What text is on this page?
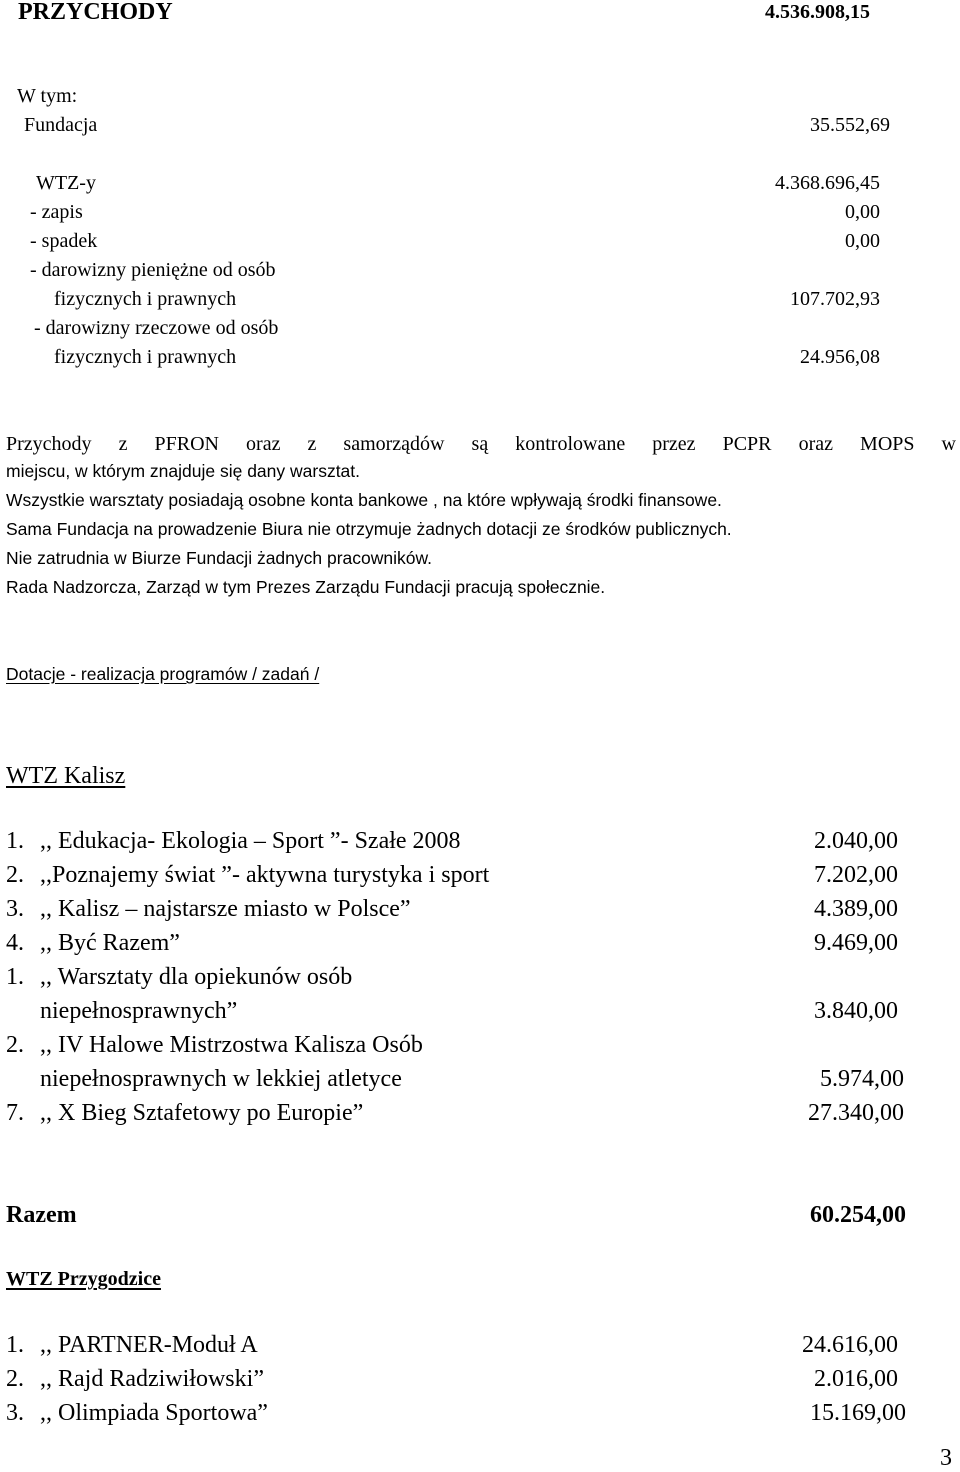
PRZYCHODY	4.536.908,15
W tym:
Fundacja	35.552,69
WTZ-y	4.368.696,45
- zapis	0,00
- spadek	0,00
- darowizny pieniężne od osób
fizycznych i prawnych	107.702,93
- darowizny rzeczowe od osób
fizycznych i prawnych	24.956,08
Przychody z PFRON oraz z samorządów są kontrolowane przez PCPR oraz MOPS w
miejscu, w którym znajduje się dany warsztat.
Wszystkie warsztaty posiadają osobne konta bankowe , na które wpływają środki finansowe.
Sama Fundacja na prowadzenie Biura nie otrzymuje żadnych dotacji ze środków publicznych.
Nie zatrudnia w Biurze Fundacji żadnych pracowników.
Rada Nadzorcza, Zarząd w tym Prezes Zarządu Fundacji pracują społecznie.
Dotacje - realizacja programów / zadań /
WTZ Kalisz
1. ,, Edukacja- Ekologia – Sport ”- Szałe 2008	2.040,00
2. ,,Poznajemy świat ”- aktywna turystyka i sport	7.202,00
3. ,, Kalisz – najstarsze miasto w Polsce”	4.389,00
4. ,, Być Razem”	9.469,00
1. ,, Warsztaty dla opiekunów osób
niepełnosprawnych”	3.840,00
2. ,, IV Halowe Mistrzostwa Kalisza Osób
niepełnosprawnych w lekkiej atletyce	5.974,00
7. ,, X Bieg Sztafetowy po Europie”	27.340,00
Razem	60.254,00
WTZ Przygodzice
1. ,, PARTNER-Moduł A	24.616,00
2. ,, Rajd Radziwiłowski”	2.016,00
3. ,, Olimpiada Sportowa”	15.169,00
3
